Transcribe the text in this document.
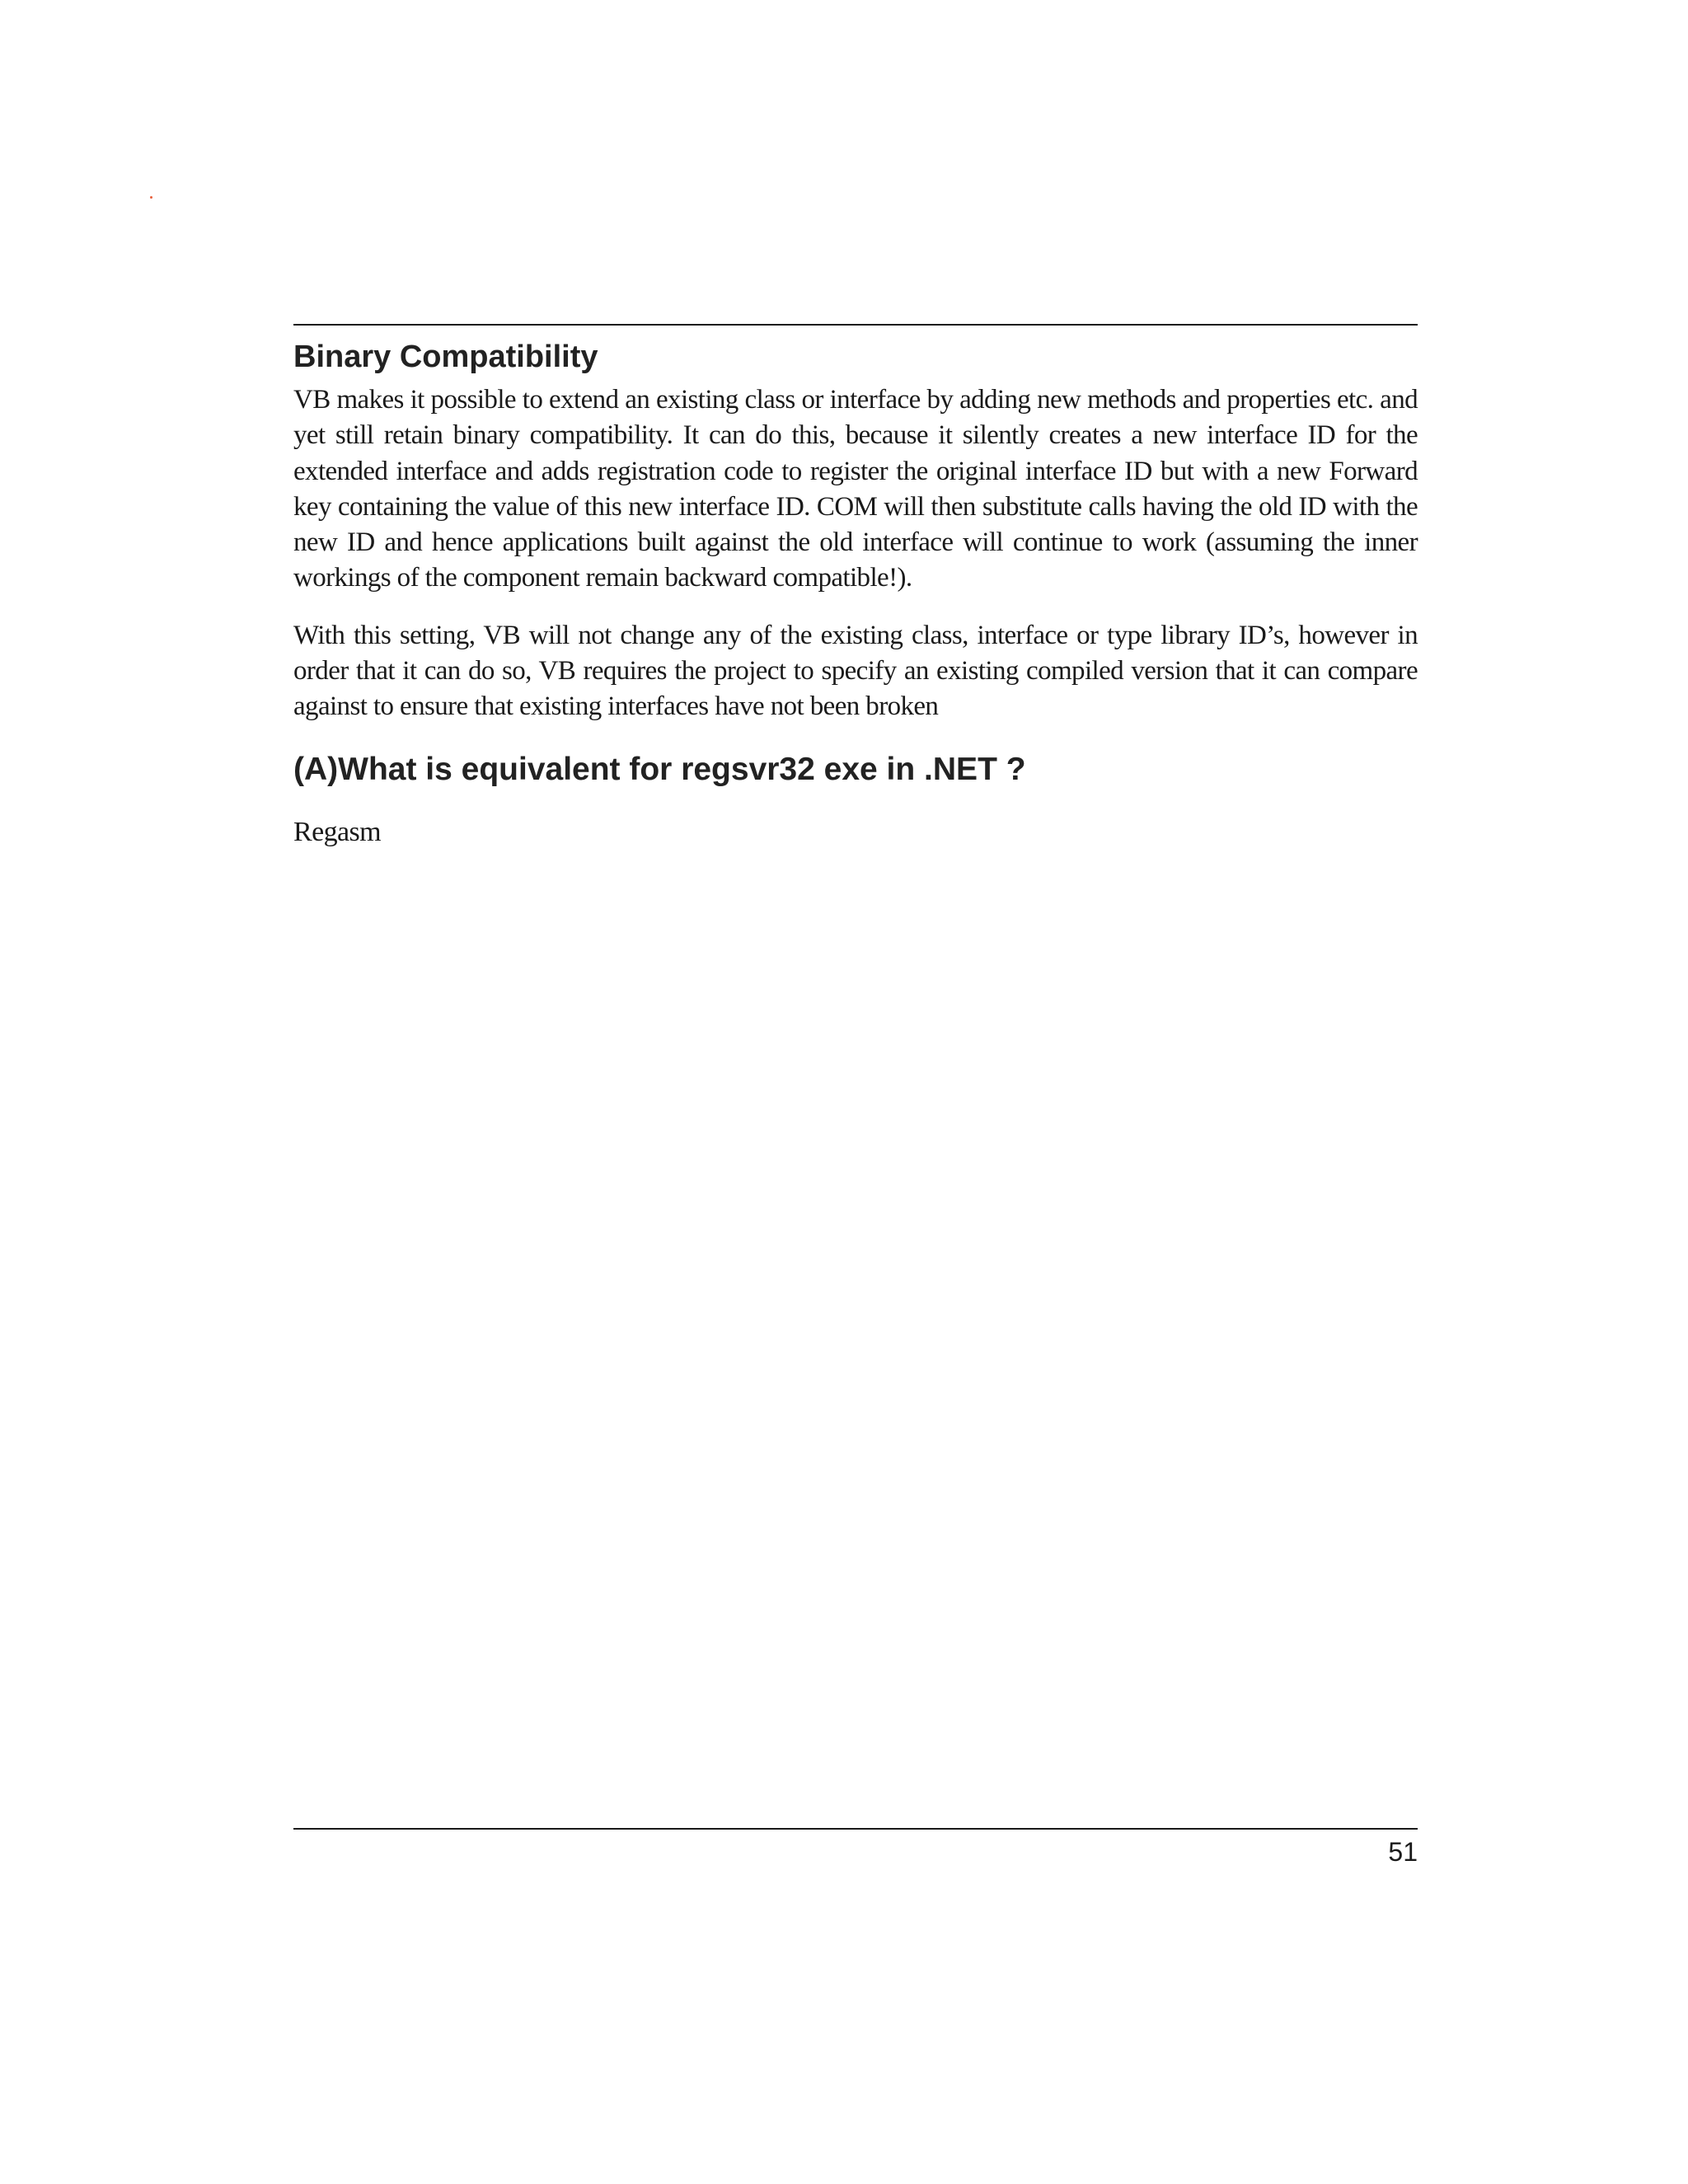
Binary Compatibility

VB makes it possible to extend an existing class or interface by adding new methods and properties etc. and yet still retain binary compatibility. It can do this, because it silently creates a new interface ID for the extended interface and adds registration code to register the original interface ID but with a new Forward key containing the value of this new interface ID. COM will then substitute calls having the old ID with the new ID and hence applications built against the old interface will continue to work (assuming the inner workings of the component remain backward compatible!).

With this setting, VB will not change any of the existing class, interface or type library ID’s, however in order that it can do so, VB requires the project to specify an existing compiled version that it can compare against to ensure that existing interfaces have not been broken

(A)What is equivalent for regsvr32 exe in .NET ?

Regasm

51
